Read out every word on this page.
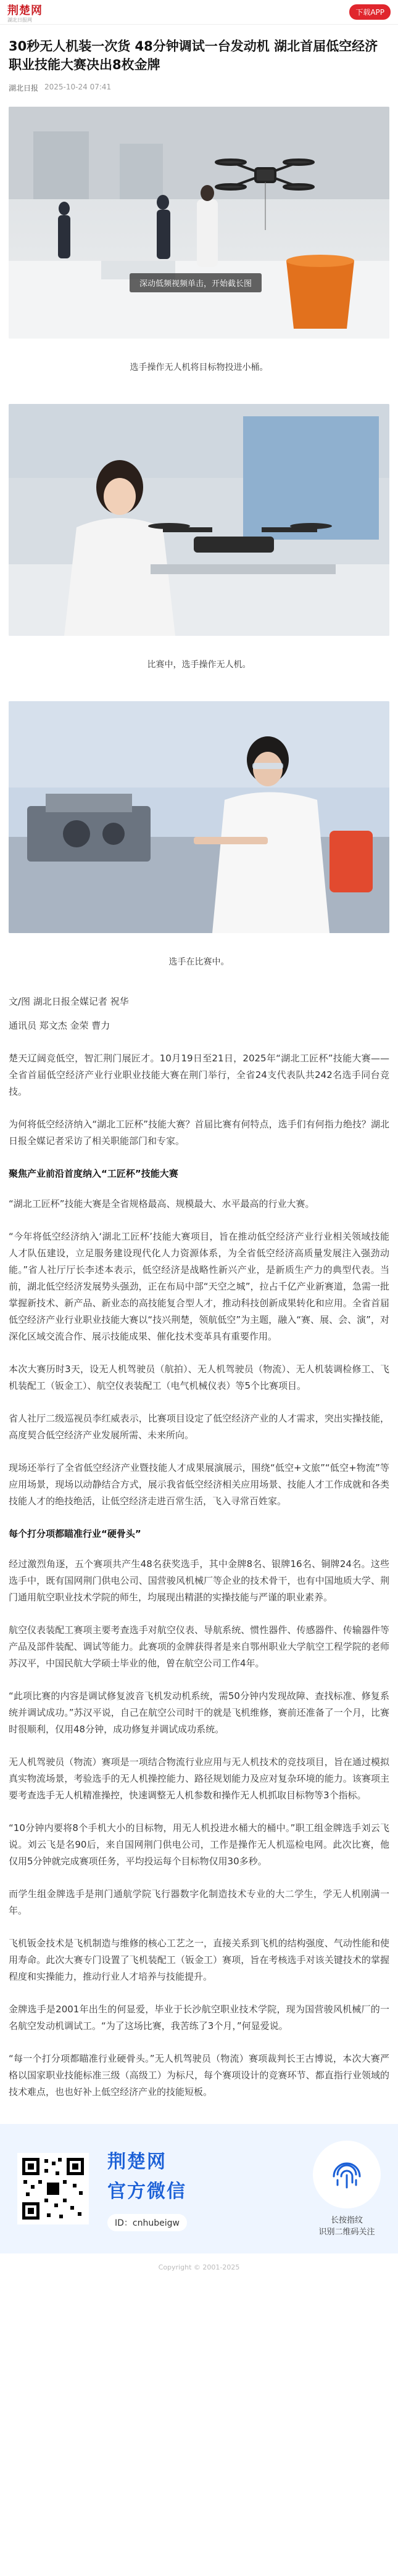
荆楚网
湖北日报网
下载APP
30秒无人机装一次货 48分钟调试一台发动机 湖北首届低空经济职业技能大赛决出8枚金牌
湖北日报 2025-10-24 07:41
深动低频视频单击，开始截长图
选手操作无人机将目标物投进小桶。
比赛中，选手操作无人机。
选手在比赛中。

文/图 湖北日报全媒记者 祝华

通讯员 郑文杰 金荣 曹力

楚天辽阔竞低空，智汇荆门展匠才。10月19日至21日，2025年“湖北工匠杯”技能大赛——全省首届低空经济产业行业职业技能大赛在荆门举行，全省24支代表队共242名选手同台竞技。

为何将低空经济纳入“湖北工匠杯”技能大赛？首届比赛有何特点，选手们有何指力绝技？湖北日报全媒记者采访了相关职能部门和专家。

聚焦产业前沿首度纳入“工匠杯”技能大赛

“湖北工匠杯”技能大赛是全省规格最高、规模最大、水平最高的行业大赛。

“今年将低空经济纳入‘湖北工匠杯’技能大赛项目，旨在推动低空经济产业行业相关领域技能人才队伍建设，立足服务建设现代化人力资源体系，为全省低空经济高质量发展注入强劲动能。”省人社厅厅长李述本表示，低空经济是战略性新兴产业，是新质生产力的典型代表。当前，湖北低空经济发展势头强劲，正在布局中部“天空之城”，拉占千亿产业新赛道，急需一批掌握新技术、新产品、新业态的高技能复合型人才，推动科技创新成果转化和应用。全省首届低空经济产业行业职业技能大赛以“技兴荆楚，领航低空”为主题，融入“赛、展、会、演”，对深化区域交流合作、展示技能成果、催化技术变革具有重要作用。

本次大赛历时3天，设无人机驾驶员（航拍）、无人机驾驶员（物流）、无人机装调检修工、飞机装配工（钣金工）、航空仪表装配工（电气机械仪表）等5个比赛项目。

省人社厅二级巡视员李红威表示，比赛项目设定了低空经济产业的人才需求，突出实操技能，高度契合低空经济产业发展所需、未来所向。

现场还举行了全省低空经济产业暨技能人才成果展演展示，围绕“低空+文旅”“低空+物流”等应用场景，现场以动静结合方式，展示我省低空经济相关应用场景、技能人才工作成就和各类技能人才的绝技绝活，让低空经济走进百常生活，飞入寻常百姓家。

每个打分项都瞄准行业“硬骨头”

经过激烈角逐，五个赛项共产生48名获奖选手，其中金牌8名、银牌16名、铜牌24名。这些选手中，既有国网荆门供电公司、国营骏风机械厂等企业的技术骨干，也有中国地质大学、荆门通用航空职业技术学院的师生，均展现出精湛的实操技能与严谨的职业素养。

航空仪表装配工赛项主要考查选手对航空仪表、导航系统、惯性器件、传感器件、传输器件等产品及部件装配、调试等能力。此赛项的金牌获得者是来自鄂州职业大学航空工程学院的老师苏汉平，中国民航大学硕士毕业的他，曾在航空公司工作4年。

“此项比赛的内容是调试修复波音飞机发动机系统，需50分钟内发现故障、查找标准、修复系统并调试成功。”苏汉平说，自己在航空公司时干的就是飞机维修，赛前还准备了一个月，比赛时很顺利，仅用48分钟，成功修复并调试成功系统。

无人机驾驶员（物流）赛项是一项结合物流行业应用与无人机技术的竞技项目，旨在通过模拟真实物流场景，考验选手的无人机操控能力、路径规划能力及应对复杂环境的能力。该赛项主要考查选手无人机精准操控，快速调整无人机参数和操作无人机抓取目标物等3个指标。

“10分钟内要将8个手机大小的目标物，用无人机投进水桶大的桶中。”职工组金牌选手刘云飞说。刘云飞是名90后，来自国网荆门供电公司，工作是操作无人机巡检电网。此次比赛，他仅用5分钟就完成赛项任务，平均投运每个目标物仅用30多秒。

而学生组金牌选手是荆门通航学院飞行器数字化制造技术专业的大二学生，学无人机刚满一年。

飞机钣金技术是飞机制造与维修的核心工艺之一，直接关系到飞机的结构强度、气动性能和使用寿命。此次大赛专门设置了飞机装配工（钣金工）赛项，旨在考核选手对该关键技术的掌握程度和实操能力，推动行业人才培养与技能提升。

金牌选手是2001年出生的何显爱，毕业于长沙航空职业技术学院，现为国营骏风机械厂的一名航空发动机调试工。“为了这场比赛，我苦练了3个月，”何显爱说。

“每一个打分项都瞄准行业硬骨头。”无人机驾驶员（物流）赛项裁判长王古博说，本次大赛严格以国家职业技能标准三级（高级工）为标尺，每个赛项设计的竞赛环节、都直指行业领域的技术难点，也也好补上低空经济产业的技能短板。

荆楚网
官方微信
ID：cnhubeigw	长按指纹
识别二维码关注
Copyright © 2001-2025
